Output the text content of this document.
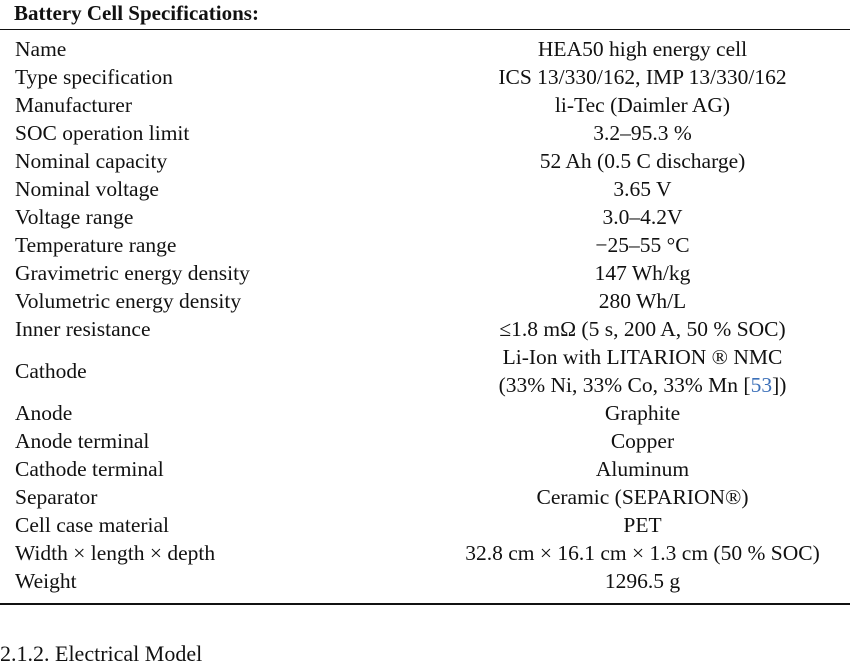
Battery Cell Specifications:
Name	HEA50 high energy cell
Type specification	ICS 13/330/162, IMP 13/330/162
Manufacturer	li-Tec (Daimler AG)
SOC operation limit	3.2–95.3 %
Nominal capacity	52 Ah (0.5 C discharge)
Nominal voltage	3.65 V
Voltage range	3.0–4.2V
Temperature range	−25–55 °C
Gravimetric energy density	147 Wh/kg
Volumetric energy density	280 Wh/L
Inner resistance	≤1.8 mΩ (5 s, 200 A, 50 % SOC)
Cathode	Li-Ion with LITARION ® NMC
(33% Ni, 33% Co, 33% Mn [53])

Anode	Graphite
Anode terminal	Copper
Cathode terminal	Aluminum
Separator	Ceramic (SEPARION®)
Cell case material	PET
Width × length × depth	32.8 cm × 16.1 cm × 1.3 cm (50 % SOC)
Weight	1296.5 g
2.1.2. Electrical Model
